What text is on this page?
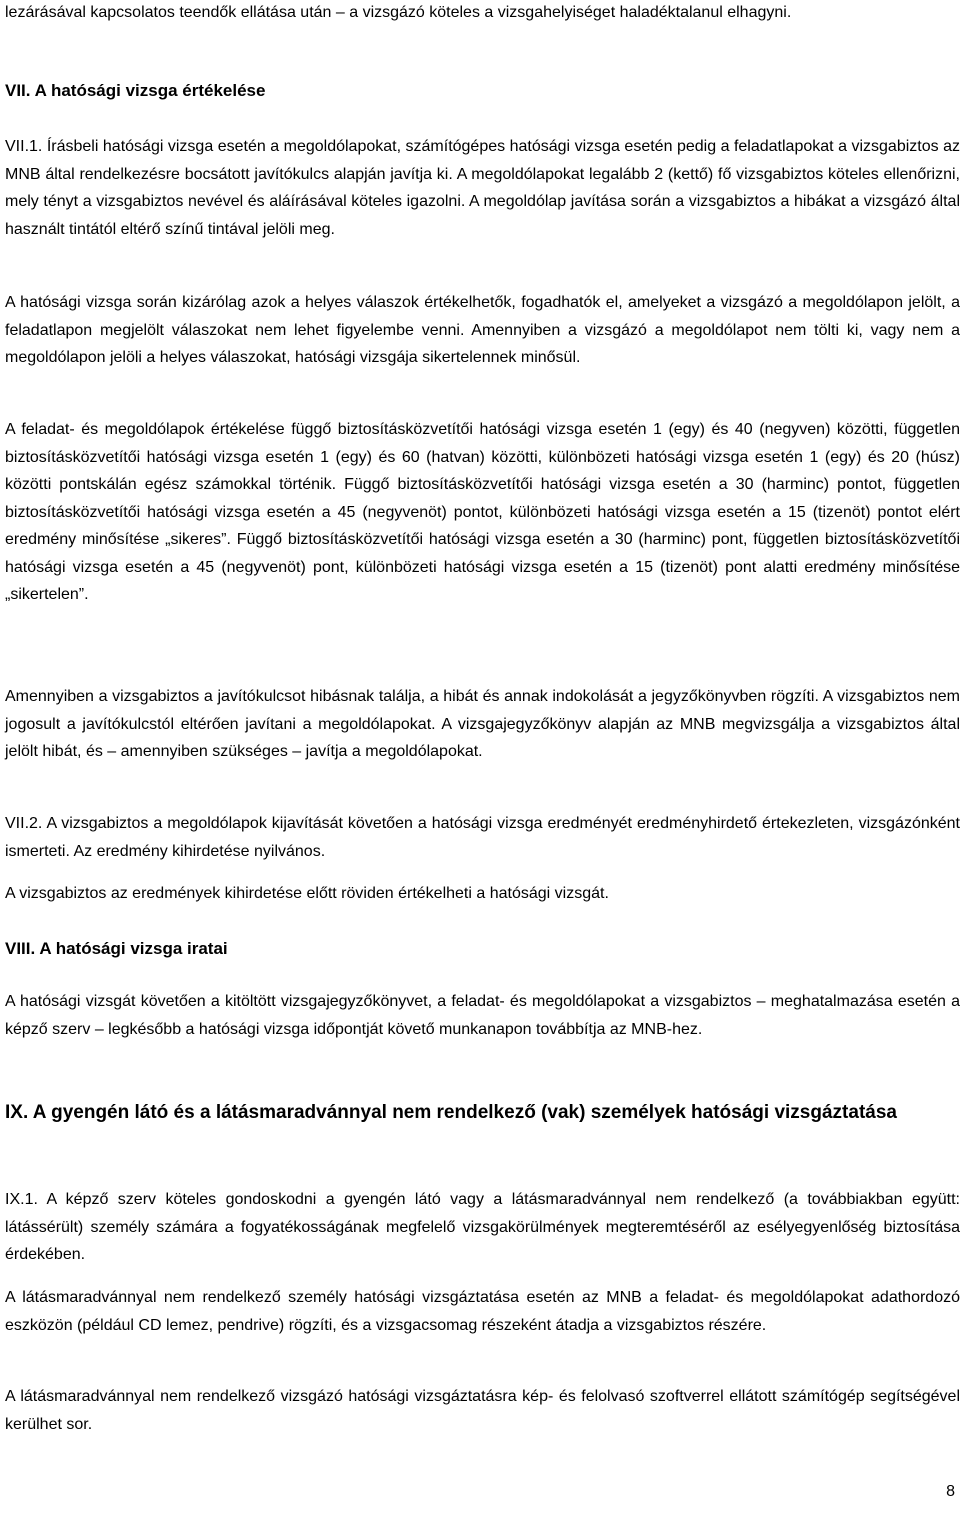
lezárásával kapcsolatos teendők ellátása után – a vizsgázó köteles a vizsgahelyiséget haladéktalanul elhagyni.

VII. A hatósági vizsga értékelése

VII.1. Írásbeli hatósági vizsga esetén a megoldólapokat, számítógépes hatósági vizsga esetén pedig a feladatlapokat a vizsgabiztos az MNB által rendelkezésre bocsátott javítókulcs alapján javítja ki. A megoldólapokat legalább 2 (kettő) fő vizsgabiztos köteles ellenőrizni, mely tényt a vizsgabiztos nevével és aláírásával köteles igazolni. A megoldólap javítása során a vizsgabiztos a hibákat a vizsgázó által használt tintától eltérő színű tintával jelöli meg.

A hatósági vizsga során kizárólag azok a helyes válaszok értékelhetők, fogadhatók el, amelyeket a vizsgázó a megoldólapon jelölt, a feladatlapon megjelölt válaszokat nem lehet figyelembe venni. Amennyiben a vizsgázó a megoldólapot nem tölti ki, vagy nem a megoldólapon jelöli a helyes válaszokat, hatósági vizsgája sikertelennek minősül.

A feladat- és megoldólapok értékelése függő biztosításközvetítői hatósági vizsga esetén 1 (egy) és 40 (negyven) közötti, független biztosításközvetítői hatósági vizsga esetén 1 (egy) és 60 (hatvan) közötti, különbözeti hatósági vizsga esetén 1 (egy) és 20 (húsz) közötti pontskálán egész számokkal történik. Függő biztosításközvetítői hatósági vizsga esetén a 30 (harminc) pontot, független biztosításközvetítői hatósági vizsga esetén a 45 (negyvenöt) pontot, különbözeti hatósági vizsga esetén a 15 (tizenöt) pontot elért eredmény minősítése „sikeres”. Függő biztosításközvetítői hatósági vizsga esetén a 30 (harminc) pont, független biztosításközvetítői hatósági vizsga esetén a 45 (negyvenöt) pont, különbözeti hatósági vizsga esetén a 15 (tizenöt) pont alatti eredmény minősítése „sikertelen”.

Amennyiben a vizsgabiztos a javítókulcsot hibásnak találja, a hibát és annak indokolását a jegyzőkönyvben rögzíti. A vizsgabiztos nem jogosult a javítókulcstól eltérően javítani a megoldólapokat. A vizsgajegyzőkönyv alapján az MNB megvizsgálja a vizsgabiztos által jelölt hibát, és – amennyiben szükséges – javítja a megoldólapokat.

VII.2. A vizsgabiztos a megoldólapok kijavítását követően a hatósági vizsga eredményét eredményhirdető értekezleten, vizsgázónként ismerteti. Az eredmény kihirdetése nyilvános.

A vizsgabiztos az eredmények kihirdetése előtt röviden értékelheti a hatósági vizsgát.

VIII. A hatósági vizsga iratai

A hatósági vizsgát követően a kitöltött vizsgajegyzőkönyvet, a feladat- és megoldólapokat a vizsgabiztos – meghatalmazása esetén a képző szerv – legkésőbb a hatósági vizsga időpontját követő munkanapon továbbítja az MNB-hez.

IX. A gyengén látó és a látásmaradvánnyal nem rendelkező (vak) személyek hatósági vizsgáztatása

IX.1. A képző szerv köteles gondoskodni a gyengén látó vagy a látásmaradvánnyal nem rendelkező (a továbbiakban együtt: látássérült) személy számára a fogyatékosságának megfelelő vizsgakörülmények megteremtéséről az esélyegyenlőség biztosítása érdekében.

A látásmaradvánnyal nem rendelkező személy hatósági vizsgáztatása esetén az MNB a feladat- és megoldólapokat adathordozó eszközön (például CD lemez, pendrive) rögzíti, és a vizsgacsomag részeként átadja a vizsgabiztos részére.

A látásmaradvánnyal nem rendelkező vizsgázó hatósági vizsgáztatásra kép- és felolvasó szoftverrel ellátott számítógép segítségével kerülhet sor.

8
